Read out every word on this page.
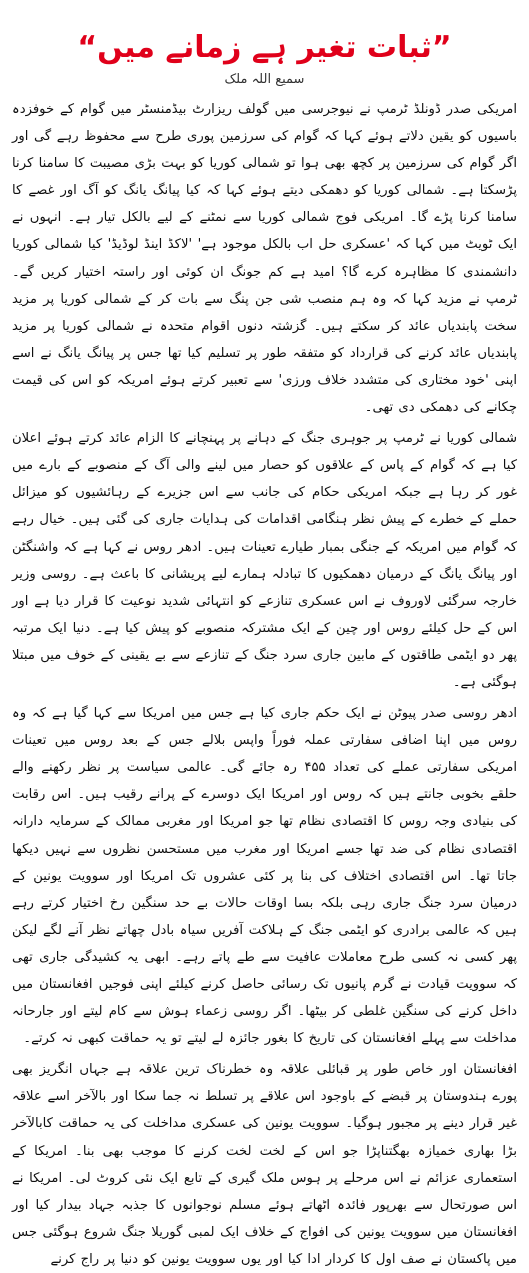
”ثبات تغیر ہے زمانے میں“
سمیع اللہ ملک

امریکی صدر ڈونلڈ ٹرمپ نے نیوجرسی میں گولف ریزارٹ بیڈمنسٹر میں گوام کے خوفزدہ باسیوں کو یقین دلاتے ہوئے کہا کہ گوام کی سرزمین پوری طرح سے محفوظ رہے گی اور اگر گوام کی سرزمین پر کچھ بھی ہوا تو شمالی کوریا کو بہت بڑی مصیبت کا سامنا کرنا پڑسکتا ہے۔ شمالی کوریا کو دھمکی دیتے ہوئے کہا کہ کیا پیانگ یانگ کو آگ اور غصے کا سامنا کرنا پڑے گا۔ امریکی فوج شمالی کوریا سے نمٹنے کے لیے بالکل تیار ہے۔ انہوں نے ایک ٹویٹ میں کہا کہ 'عسکری حل اب بالکل موجود ہے' 'لاکڈ اینڈ لوڈیڈ' کیا شمالی کوریا دانشمندی کا مظاہرہ کرے گا؟ امید ہے کم جونگ ان کوئی اور راستہ اختیار کریں گے۔ ٹرمپ نے مزید کہا کہ وہ ہم منصب شی جن پنگ سے بات کر کے شمالی کوریا پر مزید سخت پابندیاں عائد کر سکتے ہیں۔ گزشتہ دنوں اقوام متحدہ نے شمالی کوریا پر مزید پابندیاں عائد کرنے کی قرارداد کو متفقہ طور پر تسلیم کیا تھا جس پر پیانگ یانگ نے اسے اپنی 'خود مختاری کی متشدد خلاف ورزی' سے تعبیر کرتے ہوئے امریکہ کو اس کی قیمت چکانے کی دھمکی دی تھی۔

شمالی کوریا نے ٹرمپ پر جوہری جنگ کے دہانے پر پہنچانے کا الزام عائد کرتے ہوئے اعلان کیا ہے کہ گوام کے پاس کے علاقوں کو حصار میں لینے والی آگ کے منصوبے کے بارے میں غور کر رہا ہے جبکہ امریکی حکام کی جانب سے اس جزیرے کے رہائشیوں کو میزائل حملے کے خطرے کے پیش نظر ہنگامی اقدامات کی ہدایات جاری کی گئی ہیں۔ خیال رہے کہ گوام میں امریکہ کے جنگی بمبار طیارے تعینات ہیں۔ ادھر روس نے کہا ہے کہ واشنگٹن اور پیانگ یانگ کے درمیان دھمکیوں کا تبادلہ ہمارے لیے پریشانی کا باعث ہے۔ روسی وزیر خارجہ سرگئی لاوروف نے اس عسکری تنازعے کو انتہائی شدید نوعیت کا قرار دیا ہے اور اس کے حل کیلئے روس اور چین کے ایک مشترکہ منصوبے کو پیش کیا ہے۔ دنیا ایک مرتبہ پھر دو ایٹمی طاقتوں کے مابین جاری سرد جنگ کے تنازعے سے بے یقینی کے خوف میں مبتلا ہوگئی ہے۔

ادھر روسی صدر پیوٹن نے ایک حکم جاری کیا ہے جس میں امریکا سے کہا گیا ہے کہ وہ روس میں اپنا اضافی سفارتی عملہ فوراً واپس بلالے جس کے بعد روس میں تعینات امریکی سفارتی عملے کی تعداد ۴۵۵ رہ جائے گی۔ عالمی سیاست پر نظر رکھنے والے حلقے بخوبی جانتے ہیں کہ روس اور امریکا ایک دوسرے کے پرانے رقیب ہیں۔ اس رقابت کی بنیادی وجہ روس کا اقتصادی نظام تھا جو امریکا اور مغربی ممالک کے سرمایہ دارانہ اقتصادی نظام کی ضد تھا جسے امریکا اور مغرب میں مستحسن نظروں سے نہیں دیکھا جاتا تھا۔ اس اقتصادی اختلاف کی بنا پر کئی عشروں تک امریکا اور سوویت یونین کے درمیان سرد جنگ جاری رہی بلکہ بسا اوقات حالات بے حد سنگین رخ اختیار کرتے رہے ہیں کہ عالمی برادری کو ایٹمی جنگ کے ہلاکت آفریں سیاہ بادل چھاتے نظر آنے لگے لیکن پھر کسی نہ کسی طرح معاملات عافیت سے طے پاتے رہے۔ ابھی یہ کشیدگی جاری تھی کہ سوویت قیادت نے گرم پانیوں تک رسائی حاصل کرنے کیلئے اپنی فوجیں افغانستان میں داخل کرنے کی سنگین غلطی کر بیٹھا۔ اگر روسی زعماء ہوش سے کام لیتے اور جارحانہ مداخلت سے پہلے افغانستان کی تاریخ کا بغور جائزہ لے لیتے تو یہ حماقت کبھی نہ کرتے۔

افغانستان اور خاص طور پر قبائلی علاقہ وہ خطرناک ترین علاقہ ہے جہاں انگریز بھی پورے ہندوستان پر قبضے کے باوجود اس علاقے پر تسلط نہ جما سکا اور بالآخر اسے علاقہ غیر قرار دینے پر مجبور ہوگیا۔ سوویت یونین کی عسکری مداخلت کی یہ حماقت کابالآخر بڑا بھاری خمیازہ بھگتناپڑا جو اس کے لخت لخت کرنے کا موجب بھی بنا۔ امریکا کے استعماری عزائم نے اس مرحلے پر ہوس ملک گیری کے تابع ایک نئی کروٹ لی۔ امریکا نے اس صورتحال سے بھرپور فائدہ اٹھاتے ہوئے مسلم نوجوانوں کا جذبہ جہاد بیدار کیا اور افغانستان میں سوویت یونین کی افواج کے خلاف ایک لمبی گوریلا جنگ شروع ہوگئی جس میں پاکستان نے صف اول کا کردار ادا کیا اور یوں سوویت یونین کو دنیا پر راج کرنے
